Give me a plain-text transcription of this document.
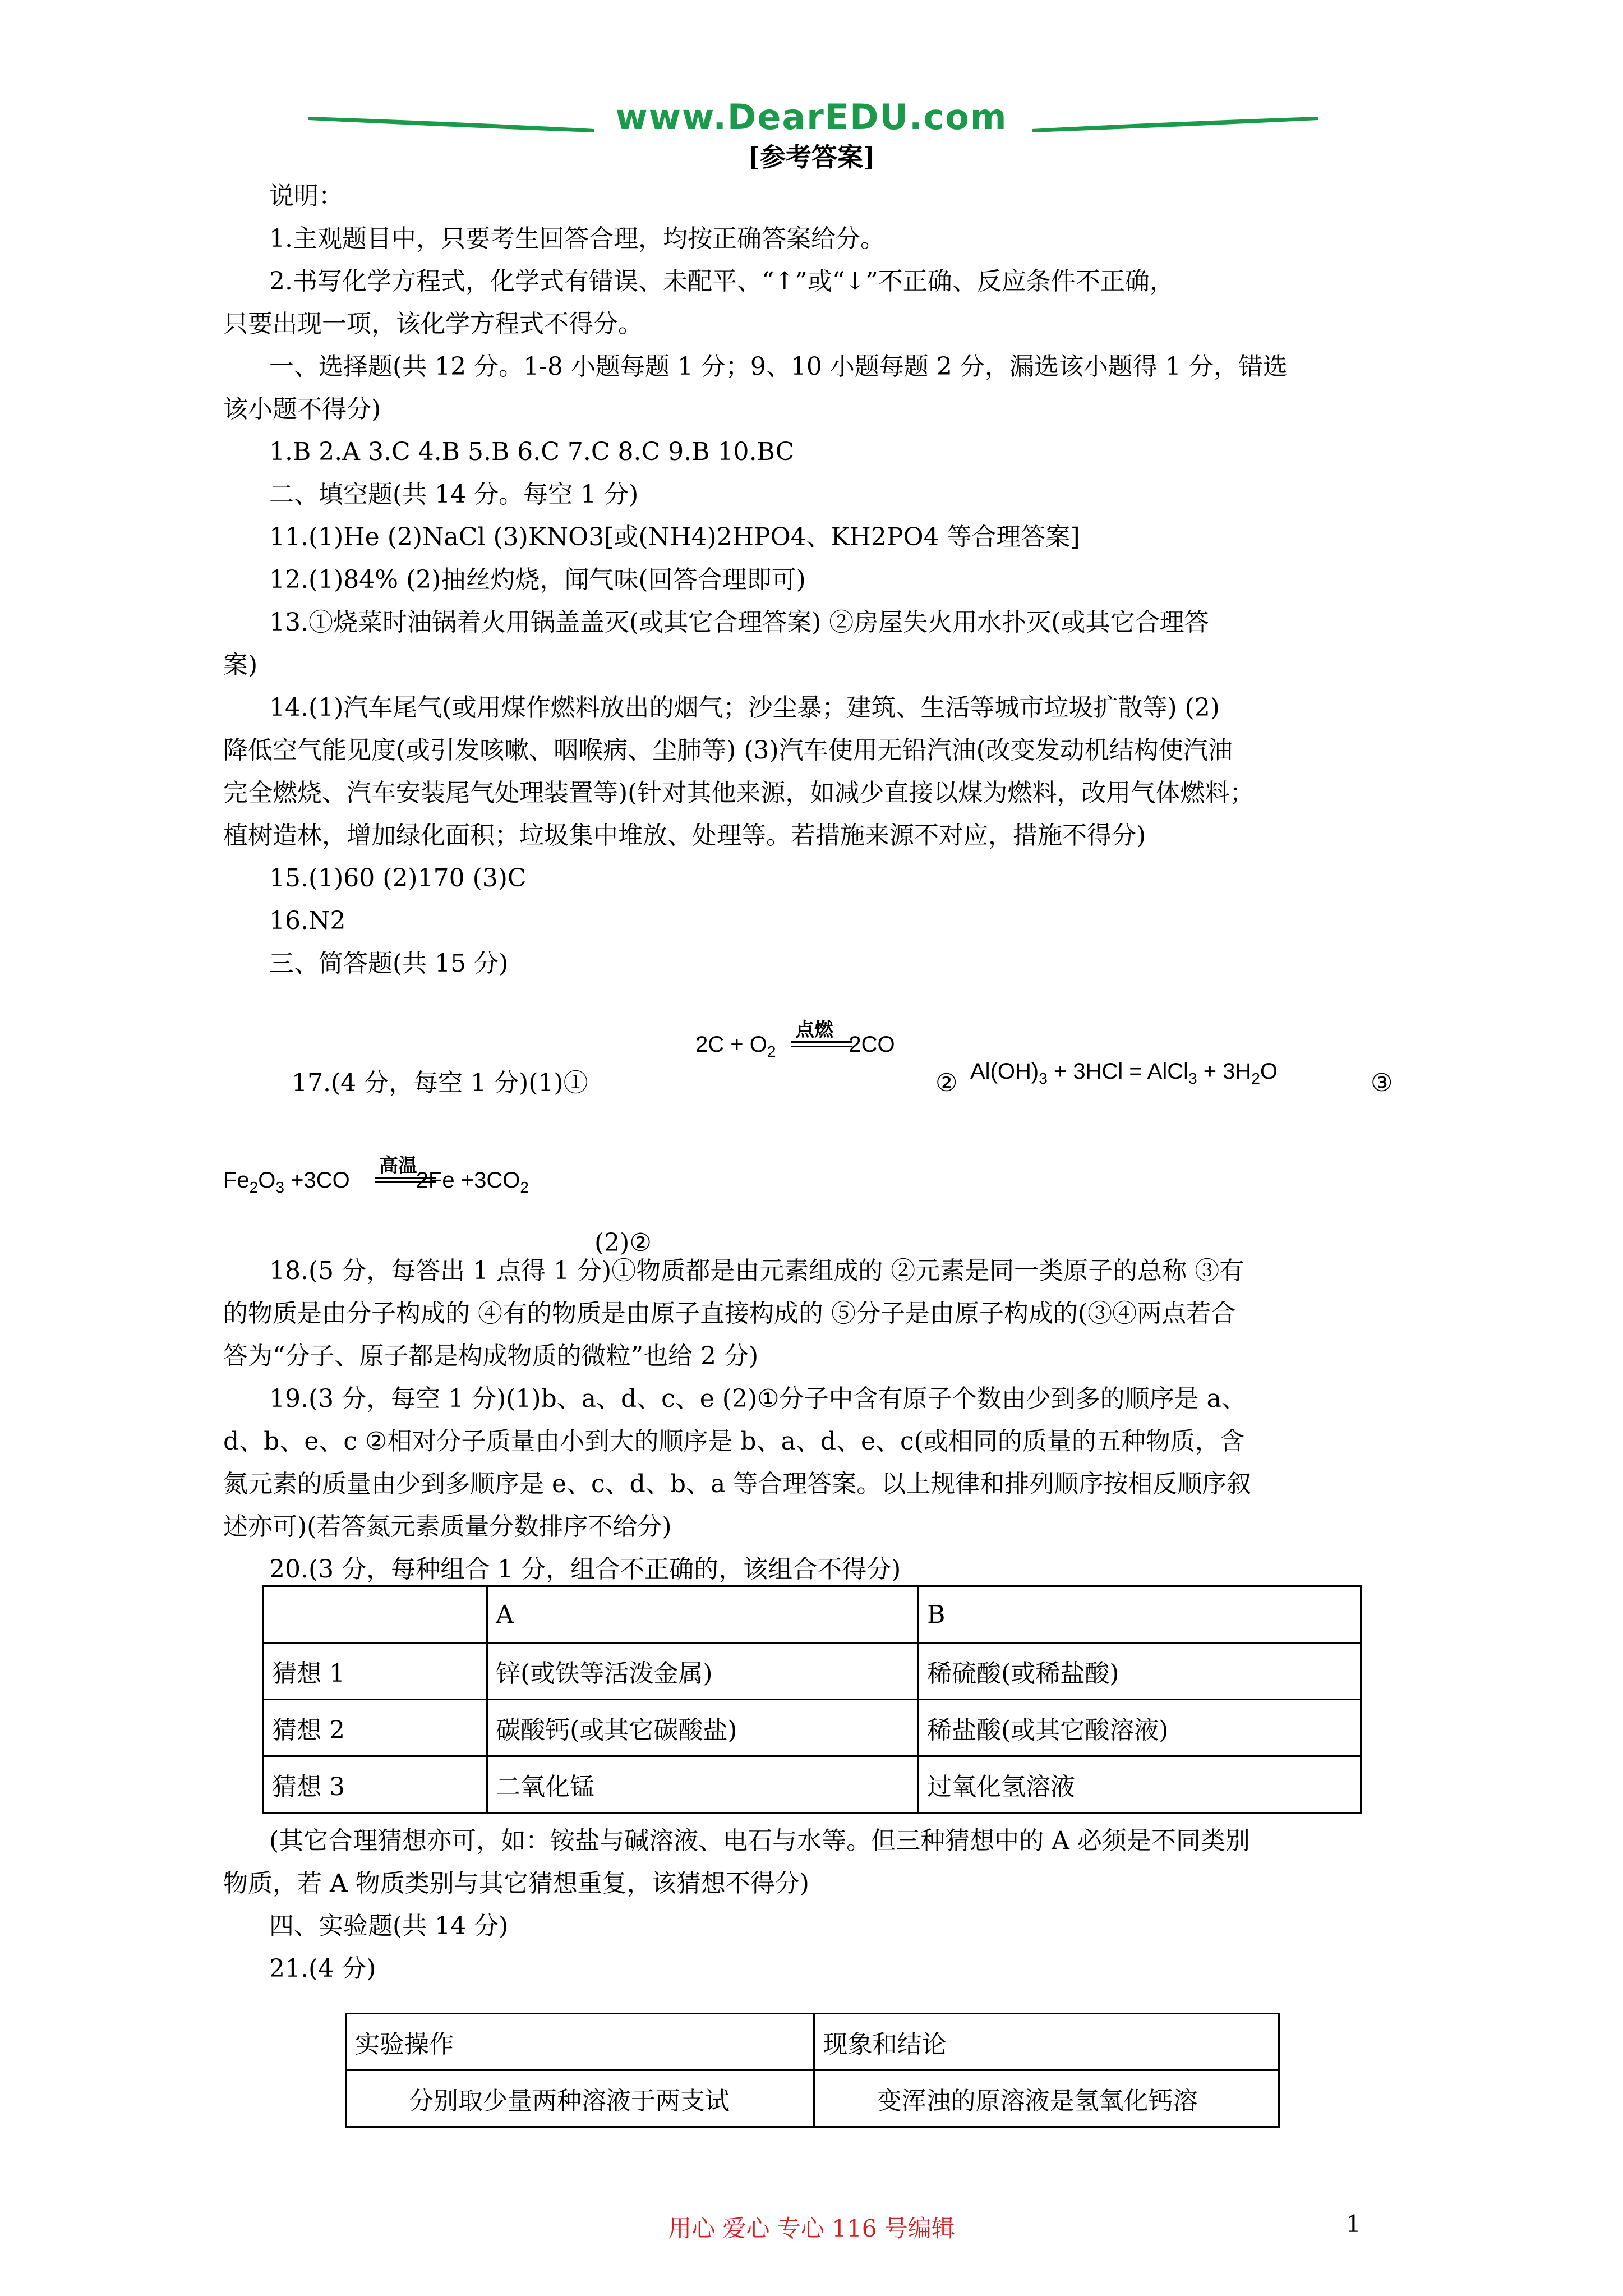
www.DearEDU.com
[参考答案]
说明：
1.主观题目中，只要考生回答合理，均按正确答案给分。
2.书写化学方程式，化学式有错误、未配平、“↑”或“↓”不正确、反应条件不正确，
只要出现一项，该化学方程式不得分。
一、选择题(共 12 分。1-8 小题每题 1 分；9、10 小题每题 2 分，漏选该小题得 1 分，错选
该小题不得分)
1.B 2.A 3.C 4.B 5.B 6.C 7.C 8.C 9.B 10.BC
二、填空题(共 14 分。每空 1 分)
11.(1)He (2)NaCl (3)KNO3[或(NH4)2HPO4、KH2PO4 等合理答案]
12.(1)84% (2)抽丝灼烧，闻气味(回答合理即可)
13.①烧菜时油锅着火用锅盖盖灭(或其它合理答案) ②房屋失火用水扑灭(或其它合理答
案)
14.(1)汽车尾气(或用煤作燃料放出的烟气；沙尘暴；建筑、生活等城市垃圾扩散等) (2)
降低空气能见度(或引发咳嗽、咽喉病、尘肺等) (3)汽车使用无铅汽油(改变发动机结构使汽油
完全燃烧、汽车安装尾气处理装置等)(针对其他来源，如减少直接以煤为燃料，改用气体燃料；
植树造林，增加绿化面积；垃圾集中堆放、处理等。若措施来源不对应，措施不得分)
15.(1)60 (2)170 (3)C
16.N2
三、简答题(共 15 分)
17.(4 分，每空 1 分)(1)①
点燃
$2C + O_2$	2CO
② $Al(OH)_3 + 3HCl$ = AlCl$_3$ + $3H_2O$	③
高温
$Fe_2O_3 +3CO$	$2Fe +3CO_2$
(2)②
18.(5 分，每答出 1 点得 1 分)①物质都是由元素组成的 ②元素是同一类原子的总称 ③有
的物质是由分子构成的 ④有的物质是由原子直接构成的 ⑤分子是由原子构成的(③④两点若合
答为“分子、原子都是构成物质的微粒”也给 2 分)
19.(3 分，每空 1 分)(1)b、a、d、c、e (2)①分子中含有原子个数由少到多的顺序是 a、
d、b、e、c ②相对分子质量由小到大的顺序是 b、a、d、e、c(或相同的质量的五种物质，含
氮元素的质量由少到多顺序是 e、c、d、b、a 等合理答案。以上规律和排列顺序按相反顺序叙
述亦可)(若答氮元素质量分数排序不给分)
20.(3 分，每种组合 1 分，组合不正确的，该组合不得分)
	A	B
猜想 1	锌(或铁等活泼金属)	稀硫酸(或稀盐酸)
猜想 2	碳酸钙(或其它碳酸盐)	稀盐酸(或其它酸溶液)
猜想 3	二氧化锰	过氧化氢溶液
(其它合理猜想亦可，如：铵盐与碱溶液、电石与水等。但三种猜想中的 A 必须是不同类别
物质，若 A 物质类别与其它猜想重复，该猜想不得分)
四、实验题(共 14 分)
21.(4 分)
实验操作	现象和结论
分别取少量两种溶液于两支试	变浑浊的原溶液是氢氧化钙溶
用心 爱心 专心 116 号编辑	1
